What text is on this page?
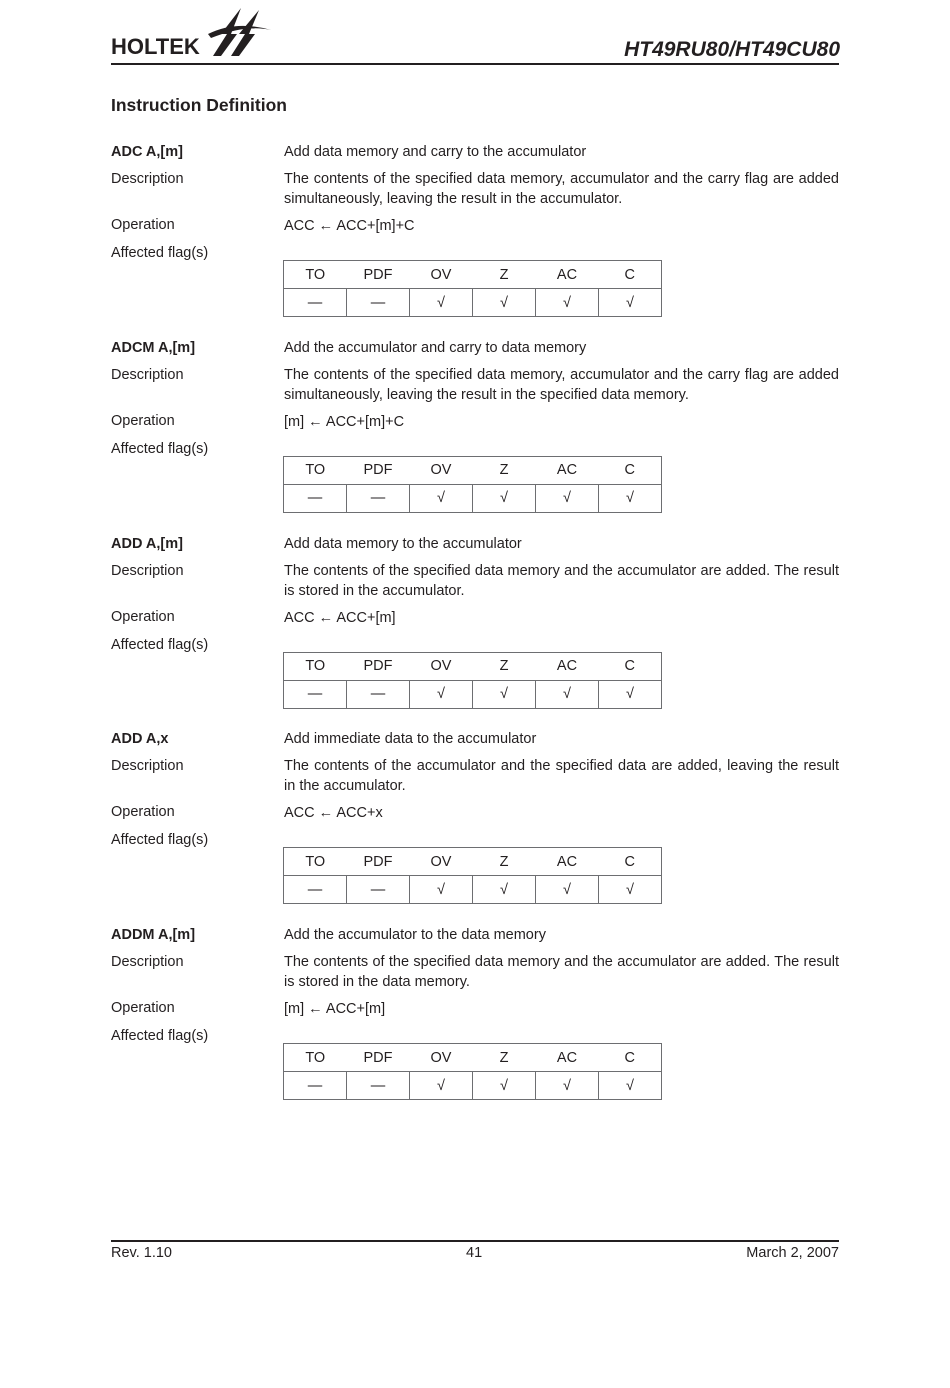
HOLTEK	HT49RU80/HT49CU80
Instruction Definition
ADC A,[m]	Add data memory and carry to the accumulator
Description	The contents of the specified data memory, accumulator and the carry flag are added simultaneously, leaving the result in the accumulator.
Operation	ACC ← ACC+[m]+C
Affected flag(s)
TO	PDF	OV	Z	AC	C
—	—	√	√	√	√
ADCM A,[m]	Add the accumulator and carry to data memory
Description	The contents of the specified data memory, accumulator and the carry flag are added simultaneously, leaving the result in the specified data memory.
Operation	[m] ← ACC+[m]+C
Affected flag(s)
TO	PDF	OV	Z	AC	C
—	—	√	√	√	√
ADD A,[m]	Add data memory to the accumulator
Description	The contents of the specified data memory and the accumulator are added. The result is stored in the accumulator.
Operation	ACC ← ACC+[m]
Affected flag(s)
TO	PDF	OV	Z	AC	C
—	—	√	√	√	√
ADD A,x	Add immediate data to the accumulator
Description	The contents of the accumulator and the specified data are added, leaving the result in the accumulator.
Operation	ACC ← ACC+x
Affected flag(s)
TO	PDF	OV	Z	AC	C
—	—	√	√	√	√
ADDM A,[m]	Add the accumulator to the data memory
Description	The contents of the specified data memory and the accumulator are added. The result is stored in the data memory.
Operation	[m] ← ACC+[m]
Affected flag(s)
TO	PDF	OV	Z	AC	C
—	—	√	√	√	√
Rev. 1.10	41	March 2, 2007
